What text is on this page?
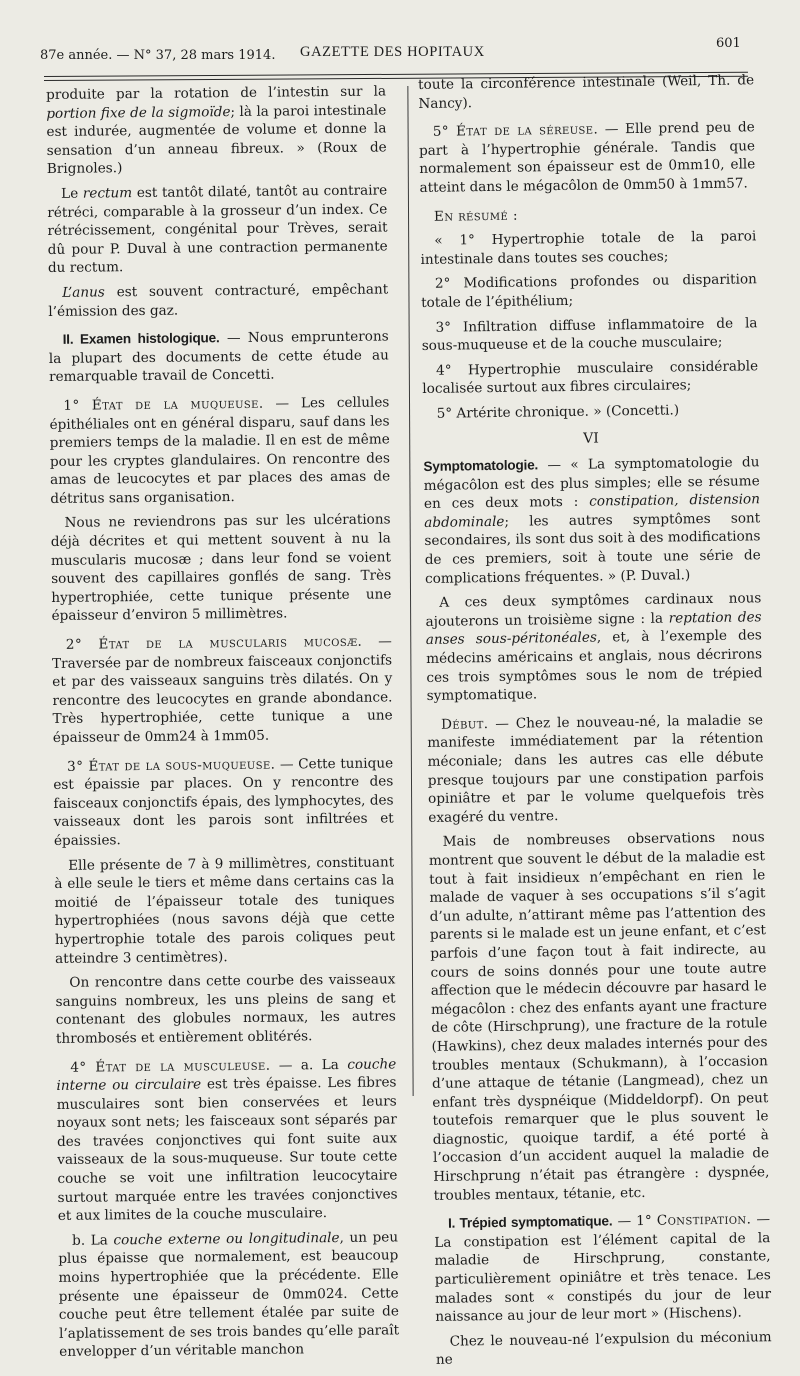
87e année. — N° 37, 28 mars 1914. GAZETTE DES HOPITAUX
601

produite par la rotation de l’intestin sur la portion fixe de la sigmoïde; là la paroi intestinale est indurée, augmentée de volume et donne la sensation d’un anneau fibreux. » (Roux de Brignoles.)

Le rectum est tantôt dilaté, tantôt au contraire rétréci, comparable à la grosseur d’un index. Ce rétrécissement, congénital pour Trèves, serait dû pour P. Duval à une contraction permanente du rectum.

L’anus est souvent contracturé, empêchant l’émission des gaz.

II. Examen histologique. — Nous emprunterons la plupart des documents de cette étude au remarquable travail de Concetti.

1° État de la muqueuse. — Les cellules épithéliales ont en général disparu, sauf dans les premiers temps de la maladie. Il en est de même pour les cryptes glandulaires. On rencontre des amas de leucocytes et par places des amas de détritus sans organisation.

Nous ne reviendrons pas sur les ulcérations déjà décrites et qui mettent souvent à nu la muscularis mucosæ ; dans leur fond se voient souvent des capillaires gonflés de sang. Très hypertrophiée, cette tunique présente une épaisseur d’environ 5 millimètres.

2° État de la muscularis mucosæ. — Traversée par de nombreux faisceaux conjonctifs et par des vaisseaux sanguins très dilatés. On y rencontre des leucocytes en grande abondance. Très hypertrophiée, cette tunique a une épaisseur de 0mm24 à 1mm05.

3° État de la sous-muqueuse. — Cette tunique est épaissie par places. On y rencontre des faisceaux conjonctifs épais, des lymphocytes, des vaisseaux dont les parois sont infiltrées et épaissies.

Elle présente de 7 à 9 millimètres, constituant à elle seule le tiers et même dans certains cas la moitié de l’épaisseur totale des tuniques hypertrophiées (nous savons déjà que cette hypertrophie totale des parois coliques peut atteindre 3 centimètres).

On rencontre dans cette courbe des vaisseaux sanguins nombreux, les uns pleins de sang et contenant des globules normaux, les autres thrombosés et entièrement oblitérés.

4° État de la musculeuse. — a. La couche interne ou circulaire est très épaisse. Les fibres musculaires sont bien conservées et leurs noyaux sont nets; les faisceaux sont séparés par des travées conjonctives qui font suite aux vaisseaux de la sous-muqueuse. Sur toute cette couche se voit une infiltration leucocytaire surtout marquée entre les travées conjonctives et aux limites de la couche musculaire.

b. La couche externe ou longitudinale, un peu plus épaisse que normalement, est beaucoup moins hypertrophiée que la précédente. Elle présente une épaisseur de 0mm024. Cette couche peut être tellement étalée par suite de l’aplatissement de ses trois bandes qu’elle paraît envelopper d’un véritable manchon

toute la circonférence intestinale (Weil, Th. de Nancy).

5° État de la séreuse. — Elle prend peu de part à l’hypertrophie générale. Tandis que normalement son épaisseur est de 0mm10, elle atteint dans le mégacôlon de 0mm50 à 1mm57.

En résumé :

« 1° Hypertrophie totale de la paroi intestinale dans toutes ses couches;

2° Modifications profondes ou disparition totale de l’épithélium;

3° Infiltration diffuse inflammatoire de la sous-muqueuse et de la couche musculaire;

4° Hypertrophie musculaire considérable localisée surtout aux fibres circulaires;

5° Artérite chronique. » (Concetti.)

VI

Symptomatologie. — « La symptomatologie du mégacôlon est des plus simples; elle se résume en ces deux mots : constipation, distension abdominale; les autres symptômes sont secondaires, ils sont dus soit à des modifications de ces premiers, soit à toute une série de complications fréquentes. » (P. Duval.)

A ces deux symptômes cardinaux nous ajouterons un troisième signe : la reptation des anses sous-péritonéales, et, à l’exemple des médecins américains et anglais, nous décrirons ces trois symptômes sous le nom de trépied symptomatique.

Début. — Chez le nouveau-né, la maladie se manifeste immédiatement par la rétention méconiale; dans les autres cas elle débute presque toujours par une constipation parfois opiniâtre et par le volume quelquefois très exagéré du ventre.

Mais de nombreuses observations nous montrent que souvent le début de la maladie est tout à fait insidieux n’empêchant en rien le malade de vaquer à ses occupations s’il s’agit d’un adulte, n’attirant même pas l’attention des parents si le malade est un jeune enfant, et c’est parfois d’une façon tout à fait indirecte, au cours de soins donnés pour une toute autre affection que le médecin découvre par hasard le mégacôlon : chez des enfants ayant une fracture de côte (Hirschprung), une fracture de la rotule (Hawkins), chez deux malades internés pour des troubles mentaux (Schukmann), à l’occasion d’une attaque de tétanie (Langmead), chez un enfant très dyspnéique (Middeldorpf). On peut toutefois remarquer que le plus souvent le diagnostic, quoique tardif, a été porté à l’occasion d’un accident auquel la maladie de Hirschprung n’était pas étrangère : dyspnée, troubles mentaux, tétanie, etc.

I. Trépied symptomatique. — 1° Constipation. — La constipation est l’élément capital de la maladie de Hirschprung, constante, particulièrement opiniâtre et très tenace. Les malades sont « constipés du jour de leur naissance au jour de leur mort » (Hischens).

Chez le nouveau-né l’expulsion du méconium ne
